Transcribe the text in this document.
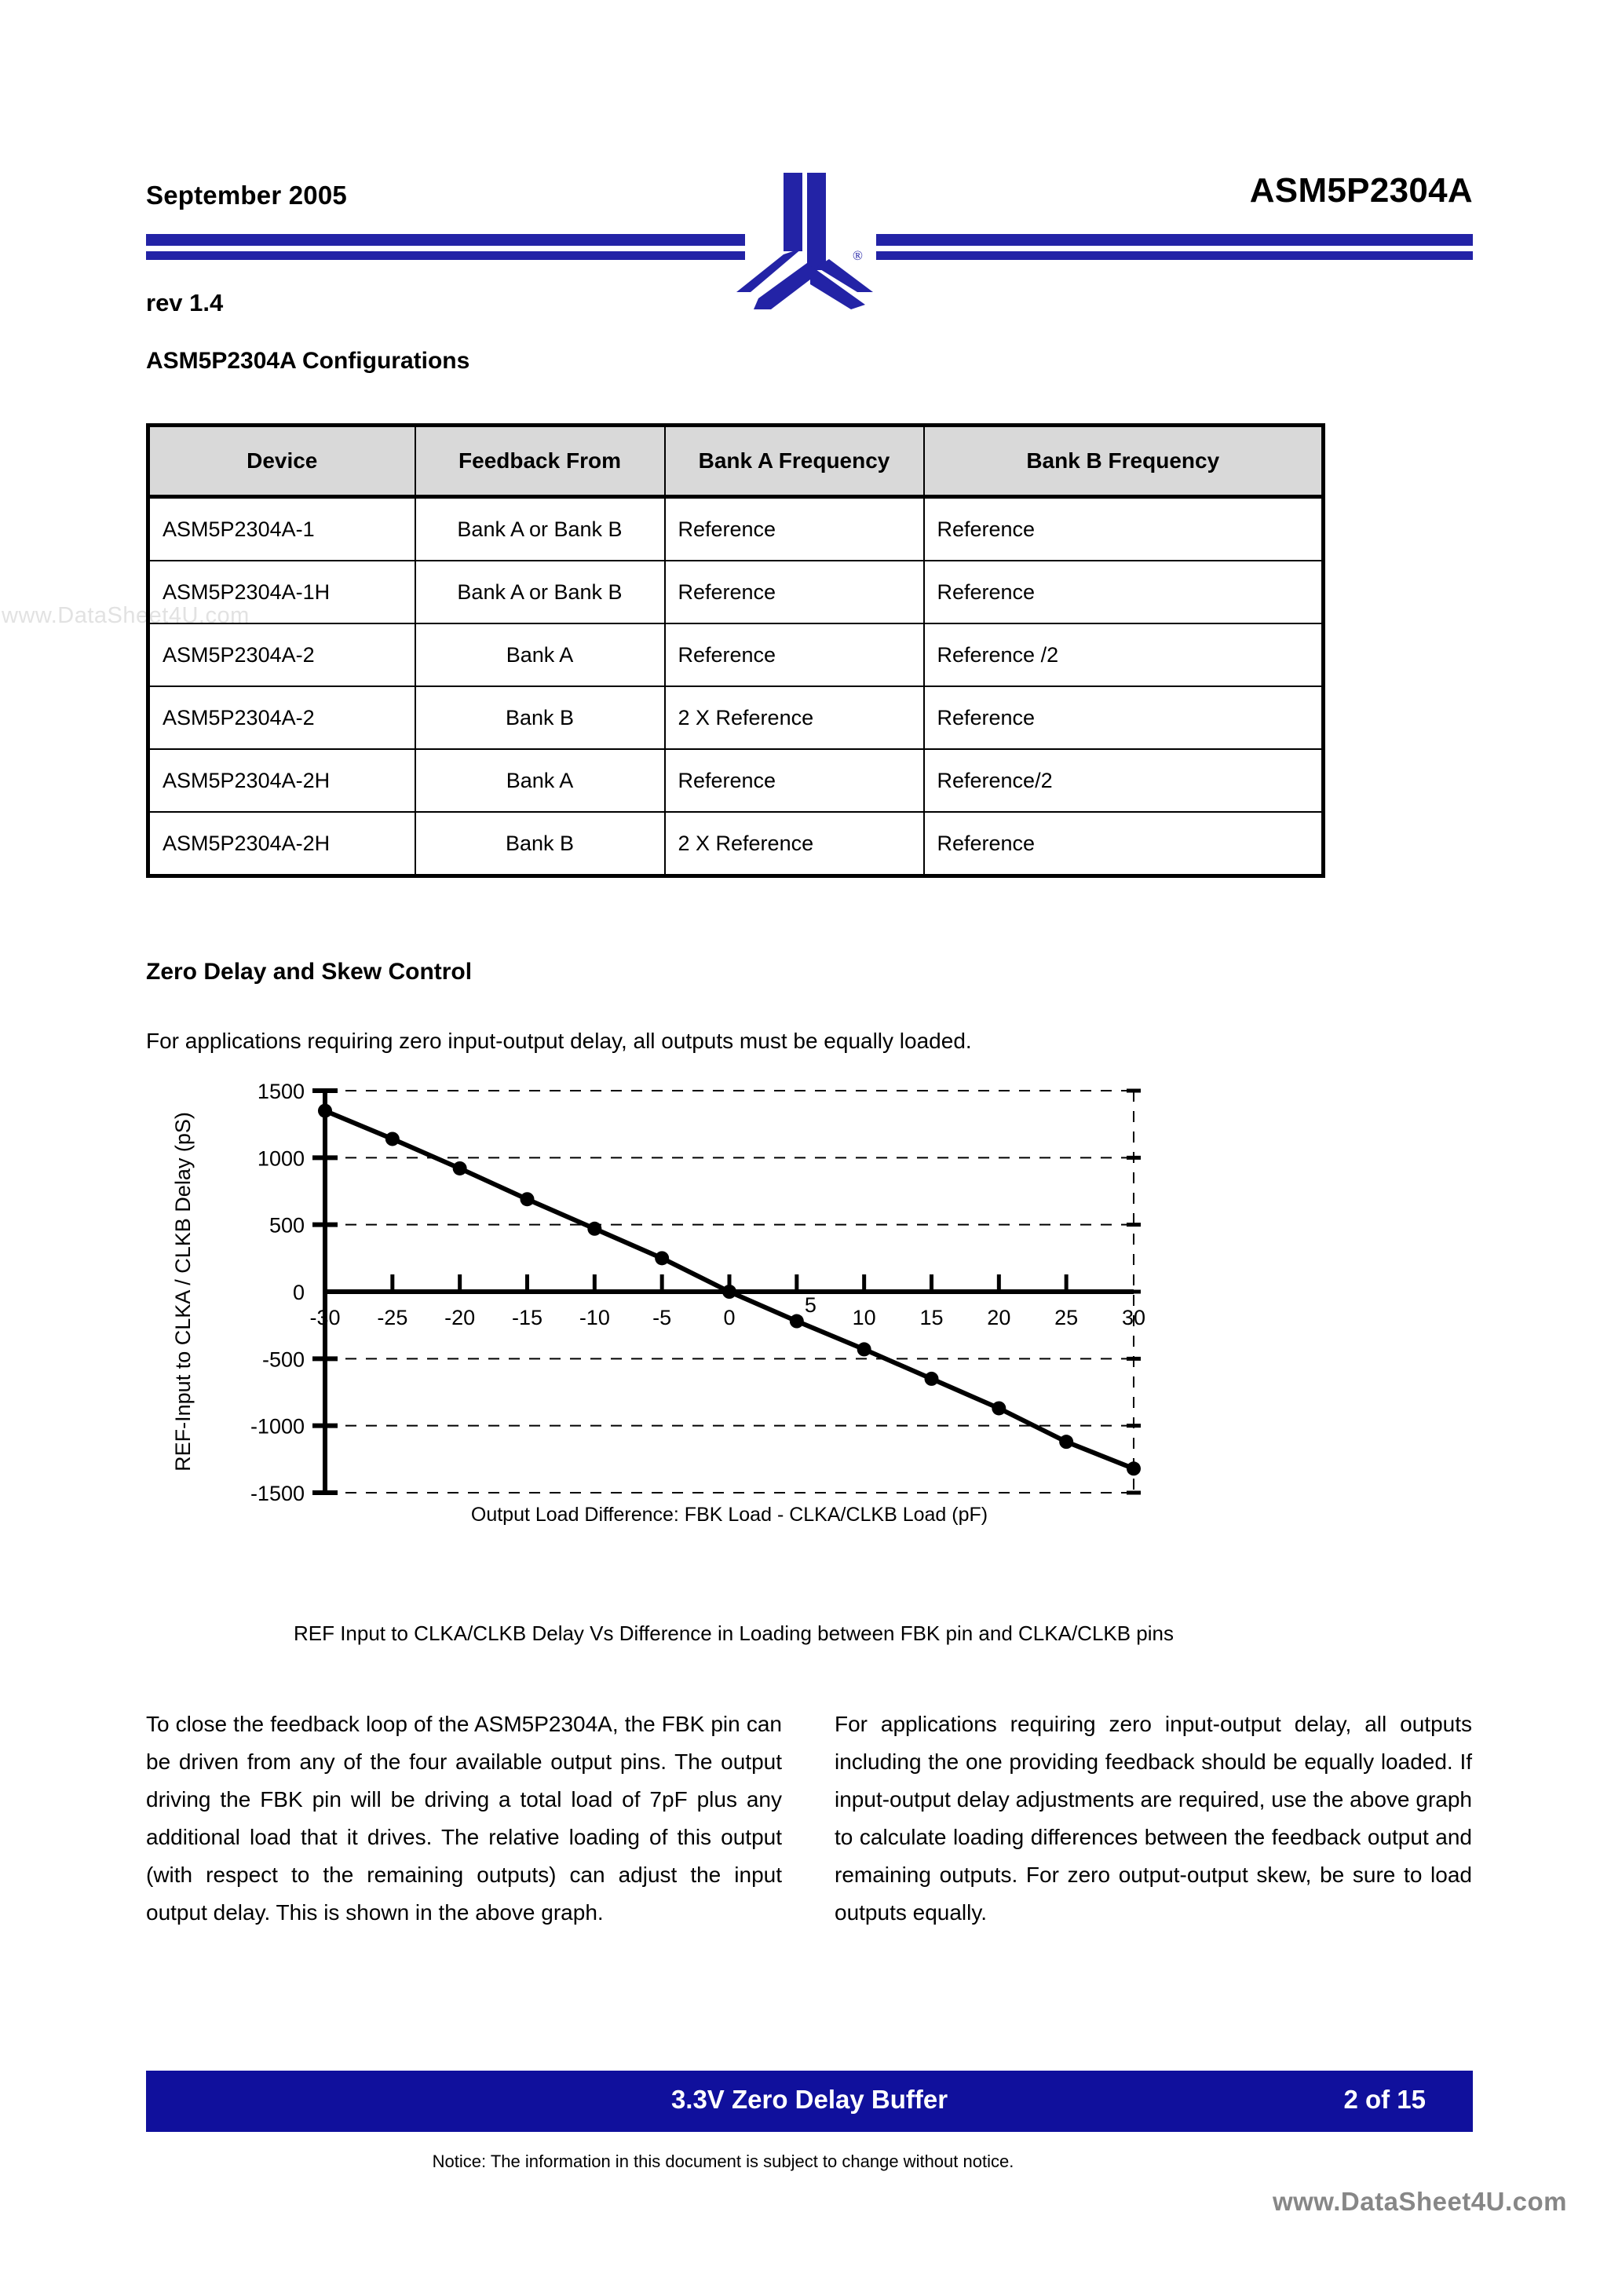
www.DataSheet4U.com
September 2005	ASM5P2304A
rev 1.4
®
ASM5P2304A Configurations
Device	Feedback From	Bank A Frequency	Bank B Frequency
ASM5P2304A-1	Bank A or Bank B	Reference	Reference
ASM5P2304A-1H	Bank A or Bank B	Reference	Reference
ASM5P2304A-2	Bank A	Reference	Reference /2
ASM5P2304A-2	Bank B	2 X Reference	Reference
ASM5P2304A-2H	Bank A	Reference	Reference/2
ASM5P2304A-2H	Bank B	2 X Reference	Reference
Zero Delay and Skew Control
For applications requiring zero input-output delay, all outputs must be equally loaded.
1500
1000
500
0
-500
-1000
-1500
-30 -25 -20 -15 -10 -5 0
5
10 15 20 25 30
Output Load Difference: FBK Load - CLKA/CLKB Load (pF)
REF-Input to CLKA / CLKB Delay (pS)
REF Input to CLKA/CLKB Delay Vs Difference in Loading between FBK pin and CLKA/CLKB pins

To close the feedback loop of the ASM5P2304A, the FBK pin can be driven from any of the four available output pins. The output driving the FBK pin will be driving a total load of 7pF plus any additional load that it drives. The relative loading of this output (with respect to the remaining outputs) can adjust the input output delay. This is shown in the above graph.

For applications requiring zero input-output delay, all outputs including the one providing feedback should be equally loaded. If input-output delay adjustments are required, use the above graph to calculate loading differences between the feedback output and remaining outputs. For zero output-output skew, be sure to load outputs equally.

3.3V Zero Delay Buffer	2 of 15
Notice: The information in this document is subject to change without notice.
www.DataSheet4U.com
